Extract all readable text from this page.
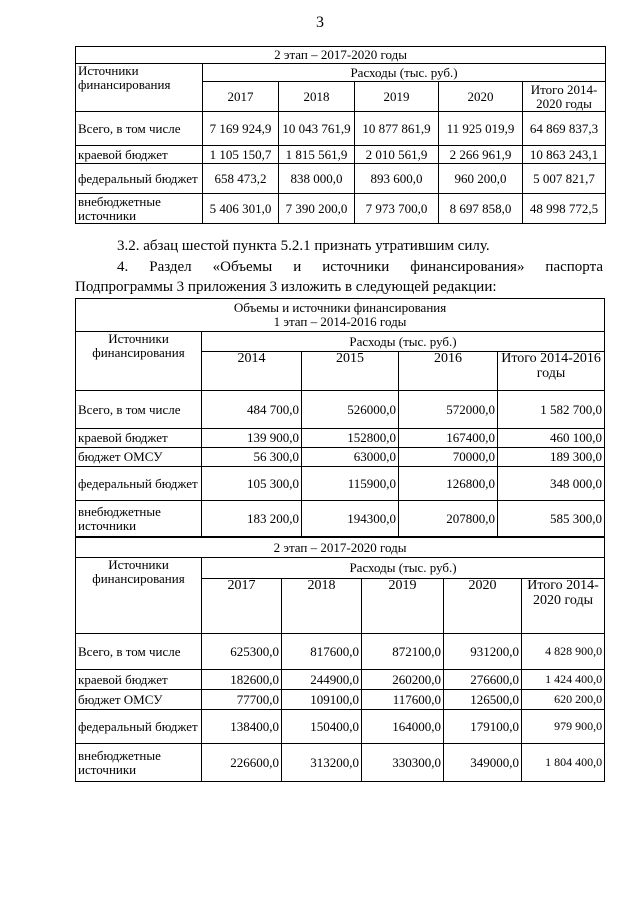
3
2 этап – 2017-2020 годы					
Источники финансирования	Расходы (тыс. руб.)				
	2017	2018	2019	2020	Итого 2014-2020 годы
Всего, в том числе	7 169 924,9	10 043 761,9	10 877 861,9	11 925 019,9	64 869 837,3
краевой бюджет	1 105 150,7	1 815 561,9	2 010 561,9	2 266 961,9	10 863 243,1
федеральный бюджет	658 473,2	838 000,0	893 600,0	960 200,0	5 007 821,7
внебюджетные источники	5 406 301,0	7 390 200,0	7 973 700,0	8 697 858,0	48 998 772,5
3.2. абзац шестой пункта 5.2.1 признать утратившим силу.
4. Раздел «Объемы и источники финансирования» паспорта
Подпрограммы 3 приложения 3 изложить в следующей редакции:
Объемы и источники финансирования
1 этап – 2014-2016 годы				

Источники финансирования	Расходы (тыс. руб.)			
	2014	2015	2016	Итого 2014-2016 годы
Всего, в том числе	484 700,0	526000,0	572000,0	1 582 700,0
краевой бюджет	139 900,0	152800,0	167400,0	460 100,0
бюджет ОМСУ	56 300,0	63000,0	70000,0	189 300,0
федеральный бюджет	105 300,0	115900,0	126800,0	348 000,0
внебюджетные источники	183 200,0	194300,0	207800,0	585 300,0
2 этап – 2017-2020 годы					
Источники финансирования	Расходы (тыс. руб.)				
	2017	2018	2019	2020	Итого 2014-2020 годы
Всего, в том числе	625300,0	817600,0	872100,0	931200,0	4 828 900,0
краевой бюджет	182600,0	244900,0	260200,0	276600,0	1 424 400,0
бюджет ОМСУ	77700,0	109100,0	117600,0	126500,0	620 200,0
федеральный бюджет	138400,0	150400,0	164000,0	179100,0	979 900,0
внебюджетные источники	226600,0	313200,0	330300,0	349000,0	1 804 400,0
